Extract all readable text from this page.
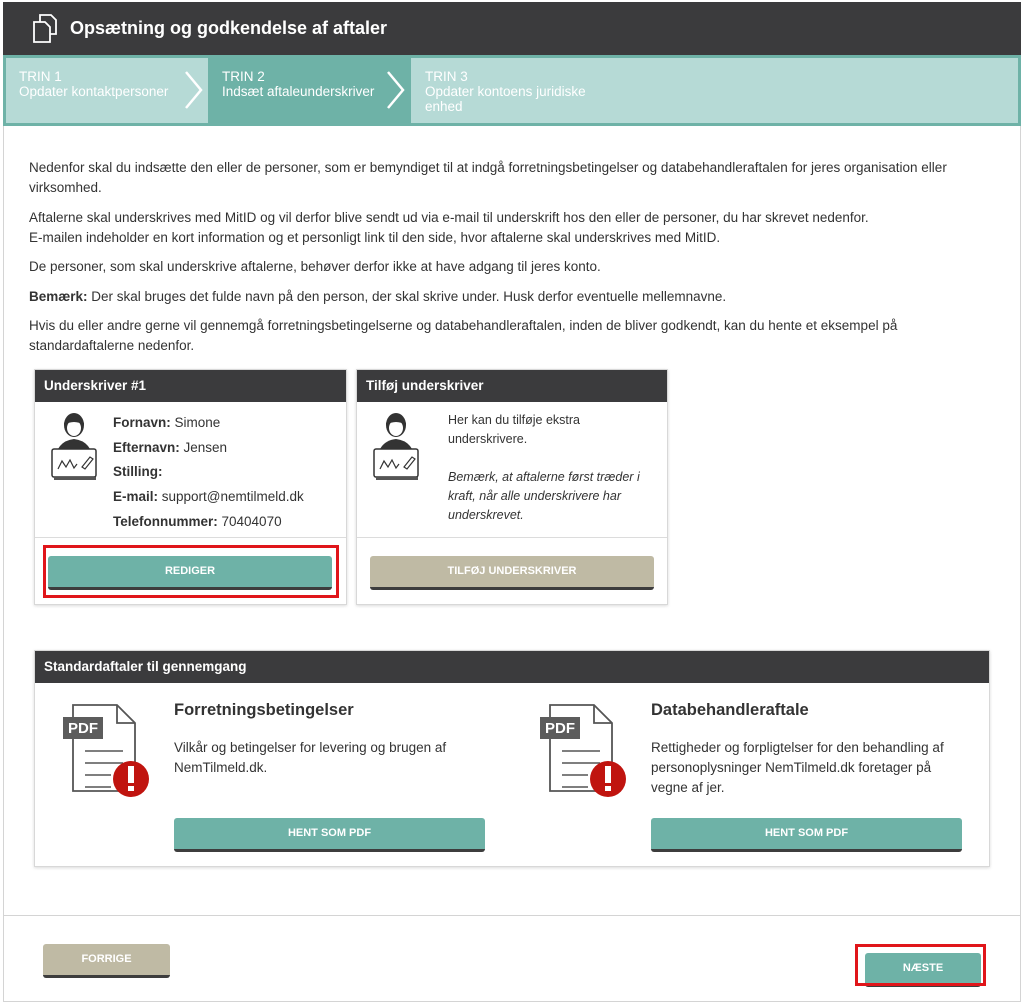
Opsætning og godkendelse af aftaler
TRIN 1
Opdater kontaktpersoner
TRIN 2
Indsæt aftaleunderskriver
TRIN 3
Opdater kontoens juridiske enhed

Nedenfor skal du indsætte den eller de personer, som er bemyndiget til at indgå forretningsbetingelser og databehandleraftalen for jeres organisation eller virksomhed.

Aftalerne skal underskrives med MitID og vil derfor blive sendt ud via e-mail til underskrift hos den eller de personer, du har skrevet nedenfor.
E-mailen indeholder en kort information og et personligt link til den side, hvor aftalerne skal underskrives med MitID.

De personer, som skal underskrive aftalerne, behøver derfor ikke at have adgang til jeres konto.

Bemærk: Der skal bruges det fulde navn på den person, der skal skrive under. Husk derfor eventuelle mellemnavne.

Hvis du eller andre gerne vil gennemgå forretningsbetingelserne og databehandleraftalen, inden de bliver godkendt, kan du hente et eksempel på standardaftalerne nedenfor.

Underskriver #1
Fornavn: Simone
Efternavn: Jensen
Stilling:
E-mail: support@nemtilmeld.dk
Telefonnummer: 70404070
REDIGER
Tilføj underskriver
Her kan du tilføje ekstra underskrivere.
Bemærk, at aftalerne først træder i kraft, når alle underskrivere har underskrevet.
TILFØJ UNDERSKRIVER
Standardaftaler til gennemgang
PDF
Forretningsbetingelser
Vilkår og betingelser for levering og brugen af NemTilmeld.dk.
PDF
Databehandleraftale
Rettigheder og forpligtelser for den behandling af personoplysninger NemTilmeld.dk foretager på vegne af jer.
HENT SOM PDF	HENT SOM PDF
FORRIGE
NÆSTE
